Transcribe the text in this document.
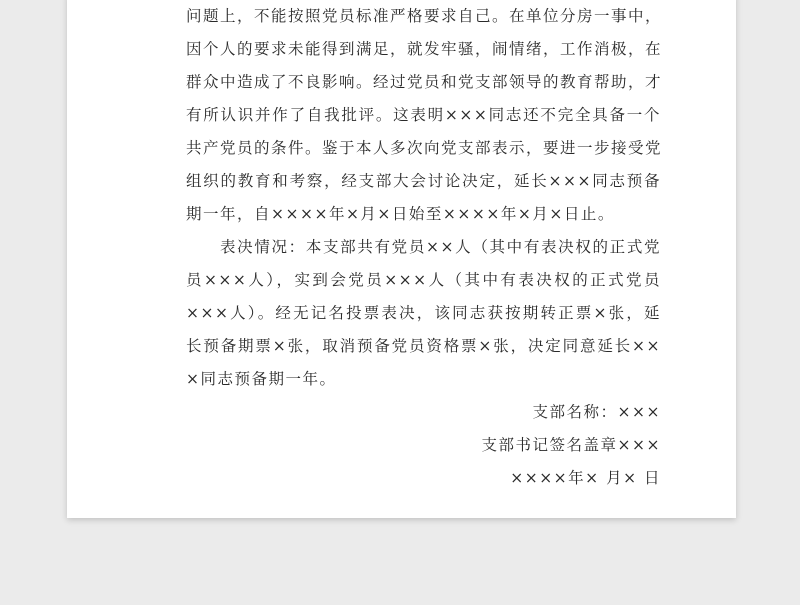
问题上，不能按照党员标准严格要求自己。在单位分房一事中，
因个人的要求未能得到满足，就发牢骚，闹情绪，工作消极，在
群众中造成了不良影响。经过党员和党支部领导的教育帮助，才
有所认识并作了自我批评。这表明×××同志还不完全具备一个
共产党员的条件。鉴于本人多次向党支部表示，要进一步接受党
组织的教育和考察，经支部大会讨论决定，延长×××同志预备
期一年，自××××年×月×日始至××××年×月×日止。
表决情况：本支部共有党员××人（其中有表决权的正式党
员×××人），实到会党员×××人（其中有表决权的正式党员
×××人）。经无记名投票表决，该同志获按期转正票×张，延
长预备期票×张，取消预备党员资格票×张，决定同意延长××
×同志预备期一年。
支部名称：×××
支部书记签名盖章×××
××××年× 月× 日
